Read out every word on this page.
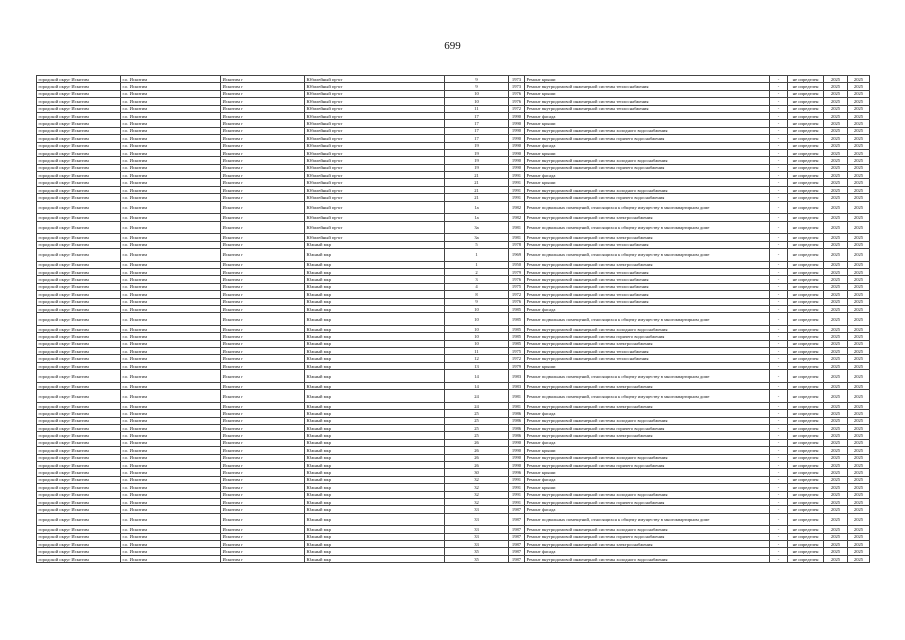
699
городской округ Искитим	г.о. Искитим	Искитим г	Юбилейный пр-кт	9	1973	Ремонт крыши	-	не определен	2025	2025
городской округ Искитим	г.о. Искитим	Искитим г	Юбилейный пр-кт	9	1973	Ремонт внутридомовой инженерной системы теплоснабжения	-	не определен	2025	2025
городской округ Искитим	г.о. Искитим	Искитим г	Юбилейный пр-кт	10	1976	Ремонт крыши	-	не определен	2025	2025
городской округ Искитим	г.о. Искитим	Искитим г	Юбилейный пр-кт	10	1976	Ремонт внутридомовой инженерной системы теплоснабжения	-	не определен	2025	2025
городской округ Искитим	г.о. Искитим	Искитим г	Юбилейный пр-кт	11	1972	Ремонт внутридомовой инженерной системы теплоснабжения	-	не определен	2025	2025
городской округ Искитим	г.о. Искитим	Искитим г	Юбилейный пр-кт	17	1990	Ремонт фасада	-	не определен	2025	2025
городской округ Искитим	г.о. Искитим	Искитим г	Юбилейный пр-кт	17	1990	Ремонт крыши	-	не определен	2025	2025
городской округ Искитим	г.о. Искитим	Искитим г	Юбилейный пр-кт	17	1990	Ремонт внутридомовой инженерной системы холодного водоснабжения	-	не определен	2025	2025
городской округ Искитим	г.о. Искитим	Искитим г	Юбилейный пр-кт	17	1990	Ремонт внутридомовой инженерной системы горячего водоснабжения	-	не определен	2025	2025
городской округ Искитим	г.о. Искитим	Искитим г	Юбилейный пр-кт	19	1990	Ремонт фасада	-	не определен	2025	2025
городской округ Искитим	г.о. Искитим	Искитим г	Юбилейный пр-кт	19	1990	Ремонт крыши	-	не определен	2025	2025
городской округ Искитим	г.о. Искитим	Искитим г	Юбилейный пр-кт	19	1990	Ремонт внутридомовой инженерной системы холодного водоснабжения	-	не определен	2025	2025
городской округ Искитим	г.о. Искитим	Искитим г	Юбилейный пр-кт	19	1990	Ремонт внутридомовой инженерной системы горячего водоснабжения	-	не определен	2025	2025
городской округ Искитим	г.о. Искитим	Искитим г	Юбилейный пр-кт	21	1991	Ремонт фасада	-	не определен	2025	2025
городской округ Искитим	г.о. Искитим	Искитим г	Юбилейный пр-кт	21	1991	Ремонт крыши	-	не определен	2025	2025
городской округ Искитим	г.о. Искитим	Искитим г	Юбилейный пр-кт	21	1991	Ремонт внутридомовой инженерной системы холодного водоснабжения	-	не определен	2025	2025
городской округ Искитим	г.о. Искитим	Искитим г	Юбилейный пр-кт	21	1991	Ремонт внутридомовой инженерной системы горячего водоснабжения	-	не определен	2025	2025
городской округ Искитим	г.о. Искитим	Искитим г	Юбилейный пр-кт	1а	1982	Ремонт подвальных помещений, относящихся к общему имуществу в многоквартирном доме	-	не определен	2025	2025
городской округ Искитим	г.о. Искитим	Искитим г	Юбилейный пр-кт	1а	1982	Ремонт внутридомовой инженерной системы электроснабжения	-	не определен	2025	2025
городской округ Искитим	г.о. Искитим	Искитим г	Юбилейный пр-кт	3а	1981	Ремонт подвальных помещений, относящихся к общему имуществу в многоквартирном доме	-	не определен	2025	2025
городской округ Искитим	г.о. Искитим	Искитим г	Юбилейный пр-кт	3а	1981	Ремонт внутридомовой инженерной системы электроснабжения	-	не определен	2025	2025
городской округ Искитим	г.о. Искитим	Искитим г	Южный мкр	5	1978	Ремонт внутридомовой инженерной системы теплоснабжения	-	не определен	2025	2025
городской округ Искитим	г.о. Искитим	Искитим г	Южный мкр	1	1969	Ремонт подвальных помещений, относящихся к общему имуществу в многоквартирном доме	-	не определен	2025	2025
городской округ Искитим	г.о. Искитим	Искитим г	Южный мкр	1	1950	Ремонт внутридомовой инженерной системы электроснабжения	-	не определен	2025	2025
городской округ Искитим	г.о. Искитим	Искитим г	Южный мкр	2	1979	Ремонт внутридомовой инженерной системы теплоснабжения	-	не определен	2025	2025
городской округ Искитим	г.о. Искитим	Искитим г	Южный мкр	3	1976	Ремонт внутридомовой инженерной системы теплоснабжения	-	не определен	2025	2025
городской округ Искитим	г.о. Искитим	Искитим г	Южный мкр	4	1975	Ремонт внутридомовой инженерной системы теплоснабжения	-	не определен	2025	2025
городской округ Искитим	г.о. Искитим	Искитим г	Южный мкр	8	1972	Ремонт внутридомовой инженерной системы теплоснабжения	-	не определен	2025	2025
городской округ Искитим	г.о. Искитим	Искитим г	Южный мкр	9	1976	Ремонт внутридомовой инженерной системы теплоснабжения	-	не определен	2025	2025
городской округ Искитим	г.о. Искитим	Искитим г	Южный мкр	10	1985	Ремонт фасада	-	не определен	2025	2025
городской округ Искитим	г.о. Искитим	Искитим г	Южный мкр	10	1985	Ремонт подвальных помещений, относящихся к общему имуществу в многоквартирном доме	-	не определен	2025	2025
городской округ Искитим	г.о. Искитим	Искитим г	Южный мкр	10	1985	Ремонт внутридомовой инженерной системы холодного водоснабжения	-	не определен	2025	2025
городской округ Искитим	г.о. Искитим	Искитим г	Южный мкр	10	1985	Ремонт внутридомовой инженерной системы горячего водоснабжения	-	не определен	2025	2025
городской округ Искитим	г.о. Искитим	Искитим г	Южный мкр	10	1985	Ремонт внутридомовой инженерной системы электроснабжения	-	не определен	2025	2025
городской округ Искитим	г.о. Искитим	Искитим г	Южный мкр	11	1975	Ремонт внутридомовой инженерной системы теплоснабжения	-	не определен	2025	2025
городской округ Искитим	г.о. Искитим	Искитим г	Южный мкр	12	1972	Ремонт внутридомовой инженерной системы теплоснабжения	-	не определен	2025	2025
городской округ Искитим	г.о. Искитим	Искитим г	Южный мкр	13	1979	Ремонт крыши	-	не определен	2025	2025
городской округ Искитим	г.о. Искитим	Искитим г	Южный мкр	14	1983	Ремонт подвальных помещений, относящихся к общему имуществу в многоквартирном доме	-	не определен	2025	2025
городской округ Искитим	г.о. Искитим	Искитим г	Южный мкр	14	1983	Ремонт внутридомовой инженерной системы электроснабжения	-	не определен	2025	2025
городской округ Искитим	г.о. Искитим	Искитим г	Южный мкр	24	1981	Ремонт подвальных помещений, относящихся к общему имуществу в многоквартирном доме	-	не определен	2025	2025
городской округ Искитим	г.о. Искитим	Искитим г	Южный мкр	24	1981	Ремонт внутридомовой инженерной системы электроснабжения	-	не определен	2025	2025
городской округ Искитим	г.о. Искитим	Искитим г	Южный мкр	25	1986	Ремонт фасада	-	не определен	2025	2025
городской округ Искитим	г.о. Искитим	Искитим г	Южный мкр	25	1986	Ремонт внутридомовой инженерной системы холодного водоснабжения	-	не определен	2025	2025
городской округ Искитим	г.о. Искитим	Искитим г	Южный мкр	25	1986	Ремонт внутридомовой инженерной системы горячего водоснабжения	-	не определен	2025	2025
городской округ Искитим	г.о. Искитим	Искитим г	Южный мкр	25	1986	Ремонт внутридомовой инженерной системы электроснабжения	-	не определен	2025	2025
городской округ Искитим	г.о. Искитим	Искитим г	Южный мкр	26	1990	Ремонт фасада	-	не определен	2025	2025
городской округ Искитим	г.о. Искитим	Искитим г	Южный мкр	26	1990	Ремонт крыши	-	не определен	2025	2025
городской округ Искитим	г.о. Искитим	Искитим г	Южный мкр	26	1990	Ремонт внутридомовой инженерной системы холодного водоснабжения	-	не определен	2025	2025
городской округ Искитим	г.о. Искитим	Искитим г	Южный мкр	26	1990	Ремонт внутридомовой инженерной системы горячего водоснабжения	-	не определен	2025	2025
городской округ Искитим	г.о. Искитим	Искитим г	Южный мкр	30	1996	Ремонт крыши	-	не определен	2025	2025
городской округ Искитим	г.о. Искитим	Искитим г	Южный мкр	32	1991	Ремонт фасада	-	не определен	2025	2025
городской округ Искитим	г.о. Искитим	Искитим г	Южный мкр	32	1991	Ремонт крыши	-	не определен	2025	2025
городской округ Искитим	г.о. Искитим	Искитим г	Южный мкр	32	1991	Ремонт внутридомовой инженерной системы холодного водоснабжения	-	не определен	2025	2025
городской округ Искитим	г.о. Искитим	Искитим г	Южный мкр	32	1991	Ремонт внутридомовой инженерной системы горячего водоснабжения	-	не определен	2025	2025
городской округ Искитим	г.о. Искитим	Искитим г	Южный мкр	33	1987	Ремонт фасада	-	не определен	2025	2025
городской округ Искитим	г.о. Искитим	Искитим г	Южный мкр	33	1987	Ремонт подвальных помещений, относящихся к общему имуществу в многоквартирном доме	-	не определен	2025	2025
городской округ Искитим	г.о. Искитим	Искитим г	Южный мкр	33	1987	Ремонт внутридомовой инженерной системы холодного водоснабжения	-	не определен	2025	2025
городской округ Искитим	г.о. Искитим	Искитим г	Южный мкр	33	1987	Ремонт внутридомовой инженерной системы горячего водоснабжения	-	не определен	2025	2025
городской округ Искитим	г.о. Искитим	Искитим г	Южный мкр	33	1987	Ремонт внутридомовой инженерной системы электроснабжения	-	не определен	2025	2025
городской округ Искитим	г.о. Искитим	Искитим г	Южный мкр	35	1987	Ремонт фасада	-	не определен	2025	2025
городской округ Искитим	г.о. Искитим	Искитим г	Южный мкр	35	1987	Ремонт внутридомовой инженерной системы холодного водоснабжения	-	не определен	2025	2025
